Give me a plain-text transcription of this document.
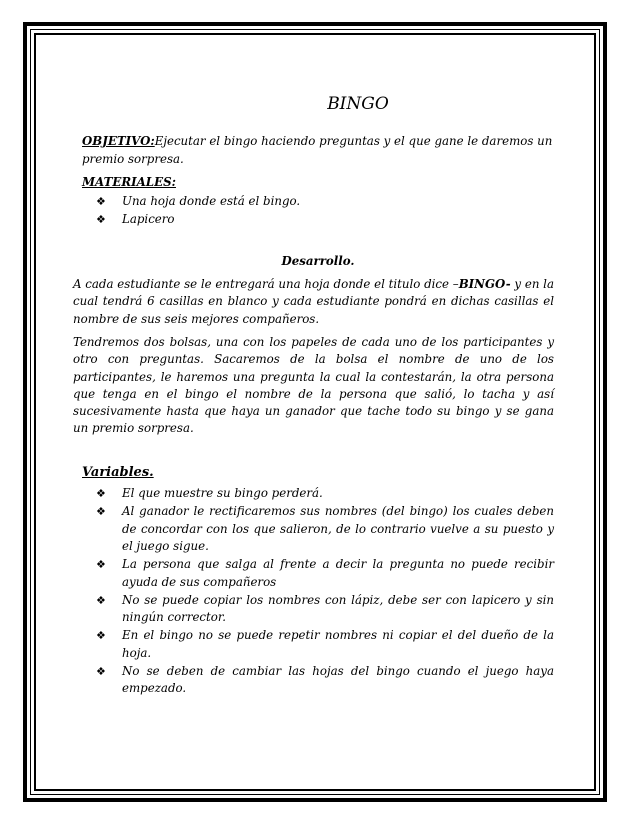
BINGO

OBJETIVO:Ejecutar el bingo haciendo preguntas y el que gane le daremos un premio sorpresa.

MATERIALES:

❖ Una hoja donde está el bingo.
❖ Lapicero
Desarrollo.

A cada estudiante se le entregará una hoja donde el titulo dice –BINGO- y en la cual tendrá 6 casillas en blanco y cada estudiante pondrá en dichas casillas el nombre de sus seis mejores compañeros.

Tendremos dos bolsas, una con los papeles de cada uno de los participantes y otro con preguntas. Sacaremos de la bolsa el nombre de uno de los participantes, le haremos una pregunta la cual la contestarán, la otra persona que tenga en el bingo el nombre de la persona que salió, lo tacha y así sucesivamente hasta que haya un ganador que tache todo su bingo y se gana un premio sorpresa.

Variables.
❖ El que muestre su bingo perderá.
❖ Al ganador le rectificaremos sus nombres (del bingo) los cuales deben de concordar con los que salieron, de lo contrario vuelve a su puesto y el juego sigue.
❖ La persona que salga al frente a decir la pregunta no puede recibir ayuda de sus compañeros
❖ No se puede copiar los nombres con lápiz, debe ser con lapicero y sin ningún corrector.
❖ En el bingo no se puede repetir nombres ni copiar el del dueño de la hoja.
❖ No se deben de cambiar las hojas del bingo cuando el juego haya empezado.
